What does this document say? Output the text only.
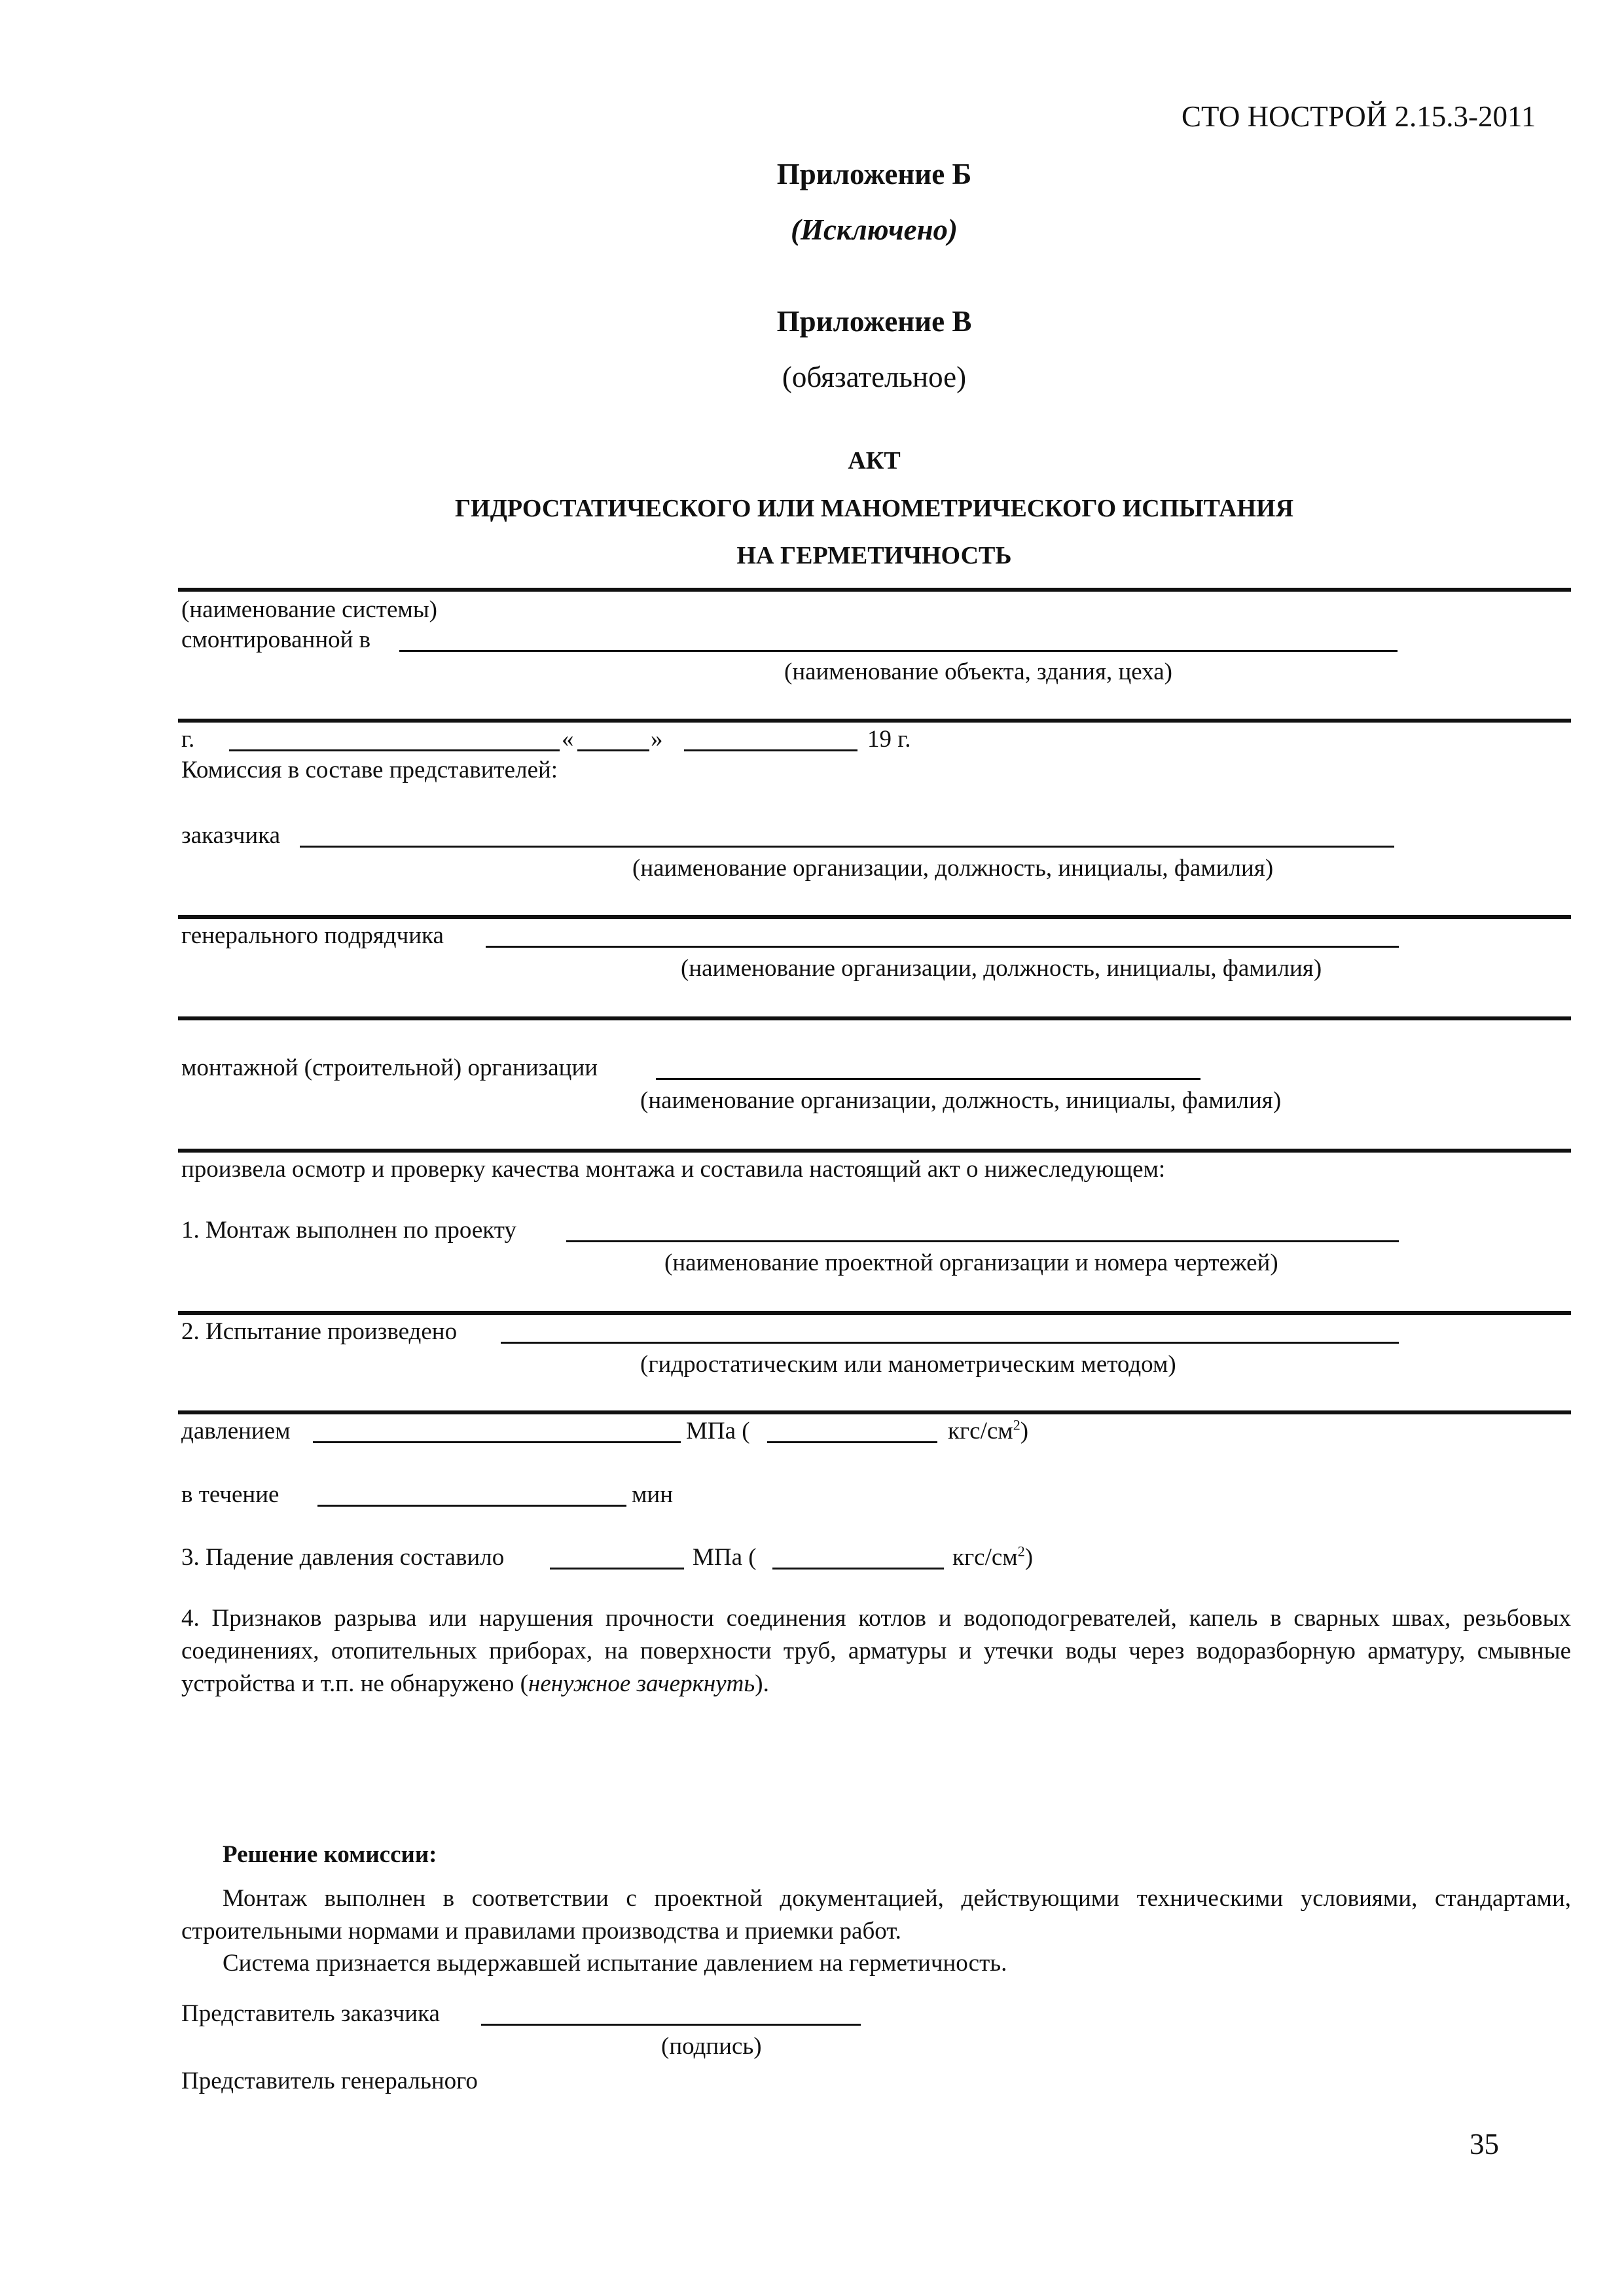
СТО НОСТРОЙ 2.15.3-2011
Приложение Б
(Исключено)
Приложение В
(обязательное)
АКТ
ГИДРОСТАТИЧЕСКОГО ИЛИ МАНОМЕТРИЧЕСКОГО ИСПЫТАНИЯ
НА ГЕРМЕТИЧНОСТЬ
(наименование системы)
смонтированной в
(наименование объекта, здания, цеха)
г.	«	»	19 г.
Комиссия в составе представителей:
заказчика
(наименование организации, должность, инициалы, фамилия)
генерального подрядчика
(наименование организации, должность, инициалы, фамилия)
монтажной (строительной) организации
(наименование организации, должность, инициалы, фамилия)
произвела осмотр и проверку качества монтажа и составила настоящий акт о нижеследующем:
1. Монтаж выполнен по проекту
(наименование проектной организации и номера чертежей)
2. Испытание произведено
(гидростатическим или манометрическим методом)
давлением	МПа (	кгс/$см^2$)
в течение	мин
3. Падение давления составило	МПа (	кгс/$см^2$)
4. Признаков разрыва или нарушения прочности соединения котлов и водоподогревателей, капель в сварных швах, резьбовых соединениях, отопительных приборах, на поверхности труб, арматуры и утечки воды через водоразборную арматуру, смывные устройства и т.п. не обнаружено (ненужное зачеркнуть).
Решение комиссии:
Монтаж выполнен в соответствии с проектной документацией, действующими техническими условиями, стандартами, строительными нормами и правилами производства и приемки работ.
Система признается выдержавшей испытание давлением на герметичность.
Представитель заказчика
(подпись)
Представитель генерального
35
